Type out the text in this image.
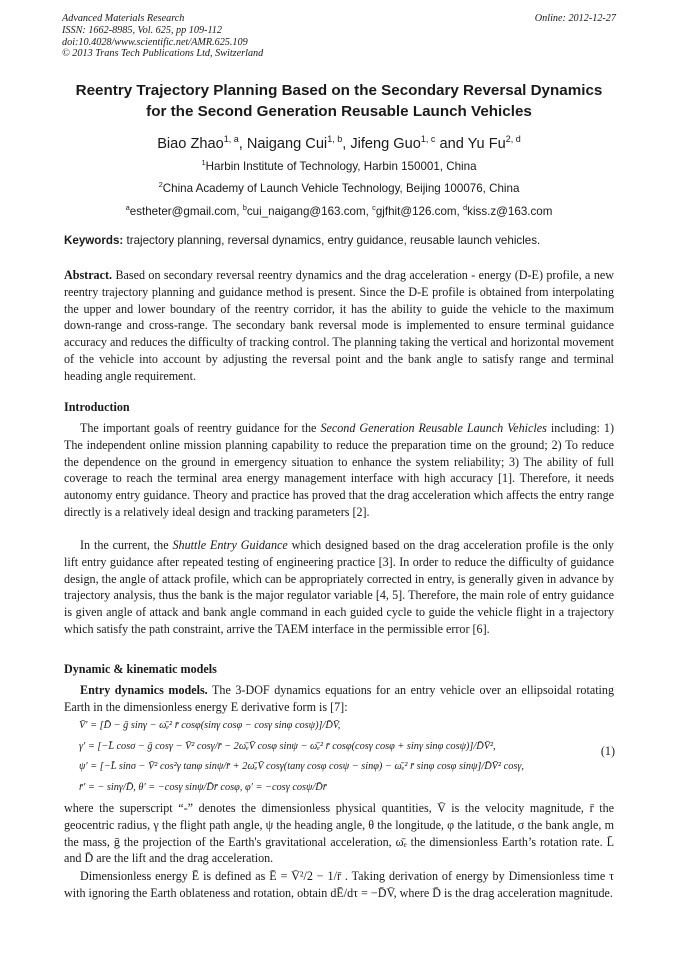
Advanced Materials Research
ISSN: 1662-8985, Vol. 625, pp 109-112
doi:10.4028/www.scientific.net/AMR.625.109
© 2013 Trans Tech Publications Ltd, Switzerland
Online: 2012-12-27
Reentry Trajectory Planning Based on the Secondary Reversal Dynamics
for the Second Generation Reusable Launch Vehicles
Biao Zhao$^{1, a}$, Naigang Cui$^{1, b}$, Jifeng Guo$^{1, c}$ and Yu Fu$^{2, d}$
$^1$Harbin Institute of Technology, Harbin 150001, China
$^2$China Academy of Launch Vehicle Technology, Beijing 100076, China
$^a$estheter@gmail.com, $^b$cui_naigang@163.com, $^c$gjfhit@126.com, $^d$kiss.z@163.com
Keywords: trajectory planning, reversal dynamics, entry guidance, reusable launch vehicles.
Abstract. Based on secondary reversal reentry dynamics and the drag acceleration - energy (D-E) profile, a new reentry trajectory planning and guidance method is present. Since the D-E profile is obtained from interpolating the upper and lower boundary of the reentry corridor, it has the ability to guide the vehicle to the maximum down-range and cross-range. The secondary bank reversal mode is implemented to ensure terminal guidance accuracy and reduces the difficulty of tracking control. The planning taking the vertical and horizontal movement of the vehicle into account by adjusting the reversal point and the bank angle to satisfy range and terminal heading angle requirement.
Introduction
The important goals of reentry guidance for the Second Generation Reusable Launch Vehicles including: 1) The independent online mission planning capability to reduce the preparation time on the ground; 2) To reduce the dependence on the ground in emergency situation to enhance the system reliability; 3) The ability of full coverage to reach the terminal area energy management interface with high accuracy [1]. Therefore, it needs autonomy entry guidance. Theory and practice has proved that the drag acceleration which affects the entry range directly is a relatively ideal design and tracking parameters [2].
In the current, the Shuttle Entry Guidance which designed based on the drag acceleration profile is the only lift entry guidance after repeated testing of engineering practice [3]. In order to reduce the difficulty of guidance design, the angle of attack profile, which can be appropriately corrected in entry, is generally given in advance by trajectory analysis, thus the bank is the major regulator variable [4, 5]. Therefore, the main role of entry guidance is given angle of attack and bank angle command in each guided cycle to guide the vehicle flight in a trajectory which satisfy the path constraint, arrive the TAEM interface in the permissible error [6].
Dynamic & kinematic models
Entry dynamics models. The 3-DOF dynamics equations for an entry vehicle over an ellipsoidal rotating Earth in the dimensionless energy E derivative form is [7]:
V̄′ = [D̄ − ḡ sinγ − ω̄ₑ² r̄ cosφ(sinγ cosφ − cosγ sinφ cosψ)]/D̄V̄,
γ′ = [−L̄ cosσ − ḡ cosγ − V̄² cosγ/r̄ − 2ω̄ₑV̄ cosφ sinψ − ω̄ₑ² r̄ cosφ(cosγ cosφ + sinγ sinφ cosψ)]/D̄V̄²,
ψ′ = [−L̄ sinσ − V̄² cos²γ tanφ sinψ/r̄ + 2ω̄ₑV̄ cosγ(tanγ cosφ cosψ − sinφ) − ω̄ₑ² r̄ sinφ cosφ sinψ]/D̄V̄² cosγ,
r̄′ = − sinγ/D̄, θ′ = −cosγ sinψ/D̄r̄ cosφ, φ′ = −cosγ cosψ/D̄r̄
(1)
where the superscript “-” denotes the dimensionless physical quantities, V̄ is the velocity magnitude, r̄ the geocentric radius, γ the flight path angle, ψ the heading angle, θ the longitude, φ the latitude, σ the bank angle, m the mass, ḡ the projection of the Earth's gravitational acceleration, ω̄ₑ the dimensionless Earth’s rotation rate. L̄ and D̄ are the lift and the drag acceleration.
Dimensionless energy Ē is defined as Ē = V̄²/2 − 1/r̄ . Taking derivation of energy by Dimensionless time τ with ignoring the Earth oblateness and rotation, obtain dĒ/dτ = −D̄V̄, where D̄ is the drag acceleration magnitude.
